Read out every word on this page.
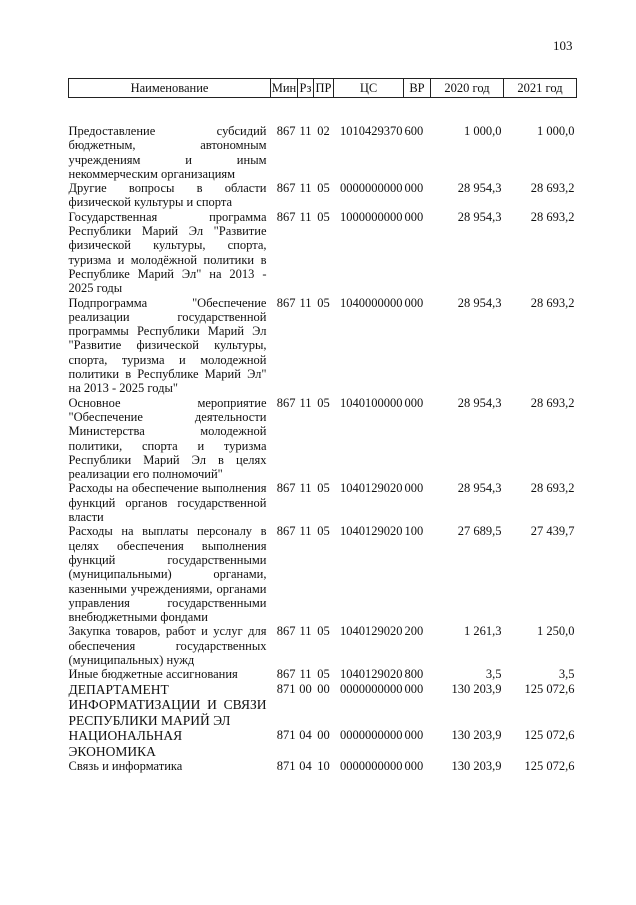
103
Наименование	Мин	Рз	ПР	ЦС	ВР	2020 год	2021 год
Предоставление субсидий бюджетным, автономным учреждениям и иным некоммерческим организациям	867	11	02	1010429370	600	1 000,0	1 000,0
Другие вопросы в области физической культуры и спорта	867	11	05	0000000000	000	28 954,3	28 693,2
Государственная программа Республики Марий Эл "Развитие физической культуры, спорта, туризма и молодёжной политики в Республике Марий Эл" на 2013 - 2025 годы	867	11	05	1000000000	000	28 954,3	28 693,2
Подпрограмма "Обеспечение реализации государственной программы Республики Марий Эл "Развитие физической культуры, спорта, туризма и молодежной политики в Республике Марий Эл" на 2013 - 2025 годы"	867	11	05	1040000000	000	28 954,3	28 693,2
Основное мероприятие "Обеспечение деятельности Министерства молодежной политики, спорта и туризма Республики Марий Эл в целях реализации его полномочий"	867	11	05	1040100000	000	28 954,3	28 693,2
Расходы на обеспечение выполнения функций органов государственной власти	867	11	05	1040129020	000	28 954,3	28 693,2
Расходы на выплаты персоналу в целях обеспечения выполнения функций государственными (муниципальными) органами, казенными учреждениями, органами управления государственными внебюджетными фондами	867	11	05	1040129020	100	27 689,5	27 439,7
Закупка товаров, работ и услуг для обеспечения государственных (муниципальных) нужд	867	11	05	1040129020	200	1 261,3	1 250,0
Иные бюджетные ассигнования	867	11	05	1040129020	800	3,5	3,5
ДЕПАРТАМЕНТ ИНФОРМАТИЗАЦИИ И СВЯЗИ РЕСПУБЛИКИ МАРИЙ ЭЛ	871	00	00	0000000000	000	130 203,9	125 072,6
НАЦИОНАЛЬНАЯ ЭКОНОМИКА	871	04	00	0000000000	000	130 203,9	125 072,6
Связь и информатика	871	04	10	0000000000	000	130 203,9	125 072,6
